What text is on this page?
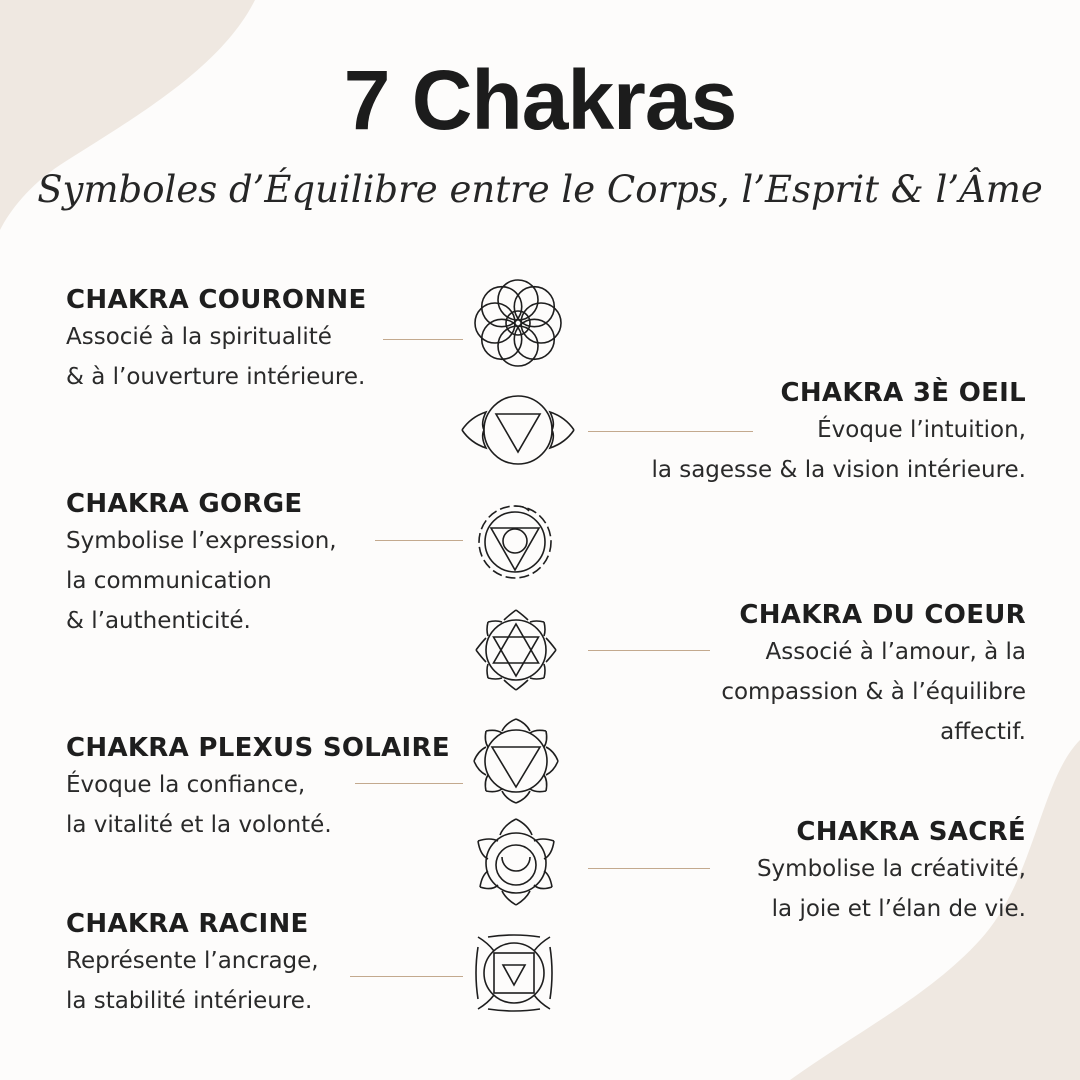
7 Chakras

Symboles d’Équilibre entre le Corps, l’Esprit & l’Âme

CHAKRA COURONNE
Associé à la spiritualité
& à l’ouverture intérieure.
CHAKRA 3È OEIL
Évoque l’intuition,
la sagesse & la vision intérieure.
CHAKRA GORGE
Symbolise l’expression,
la communication
& l’authenticité.	CHAKRA DU COEUR
Associé à l’amour, à la
compassion & à l’équilibre
affectif.
CHAKRA PLEXUS SOLAIRE
Évoque la confiance,
la vitalité et la volonté.	CHAKRA SACRÉ
Symbolise la créativité,
la joie et l’élan de vie.
CHAKRA RACINE
Représente l’ancrage,
la stabilité intérieure.
